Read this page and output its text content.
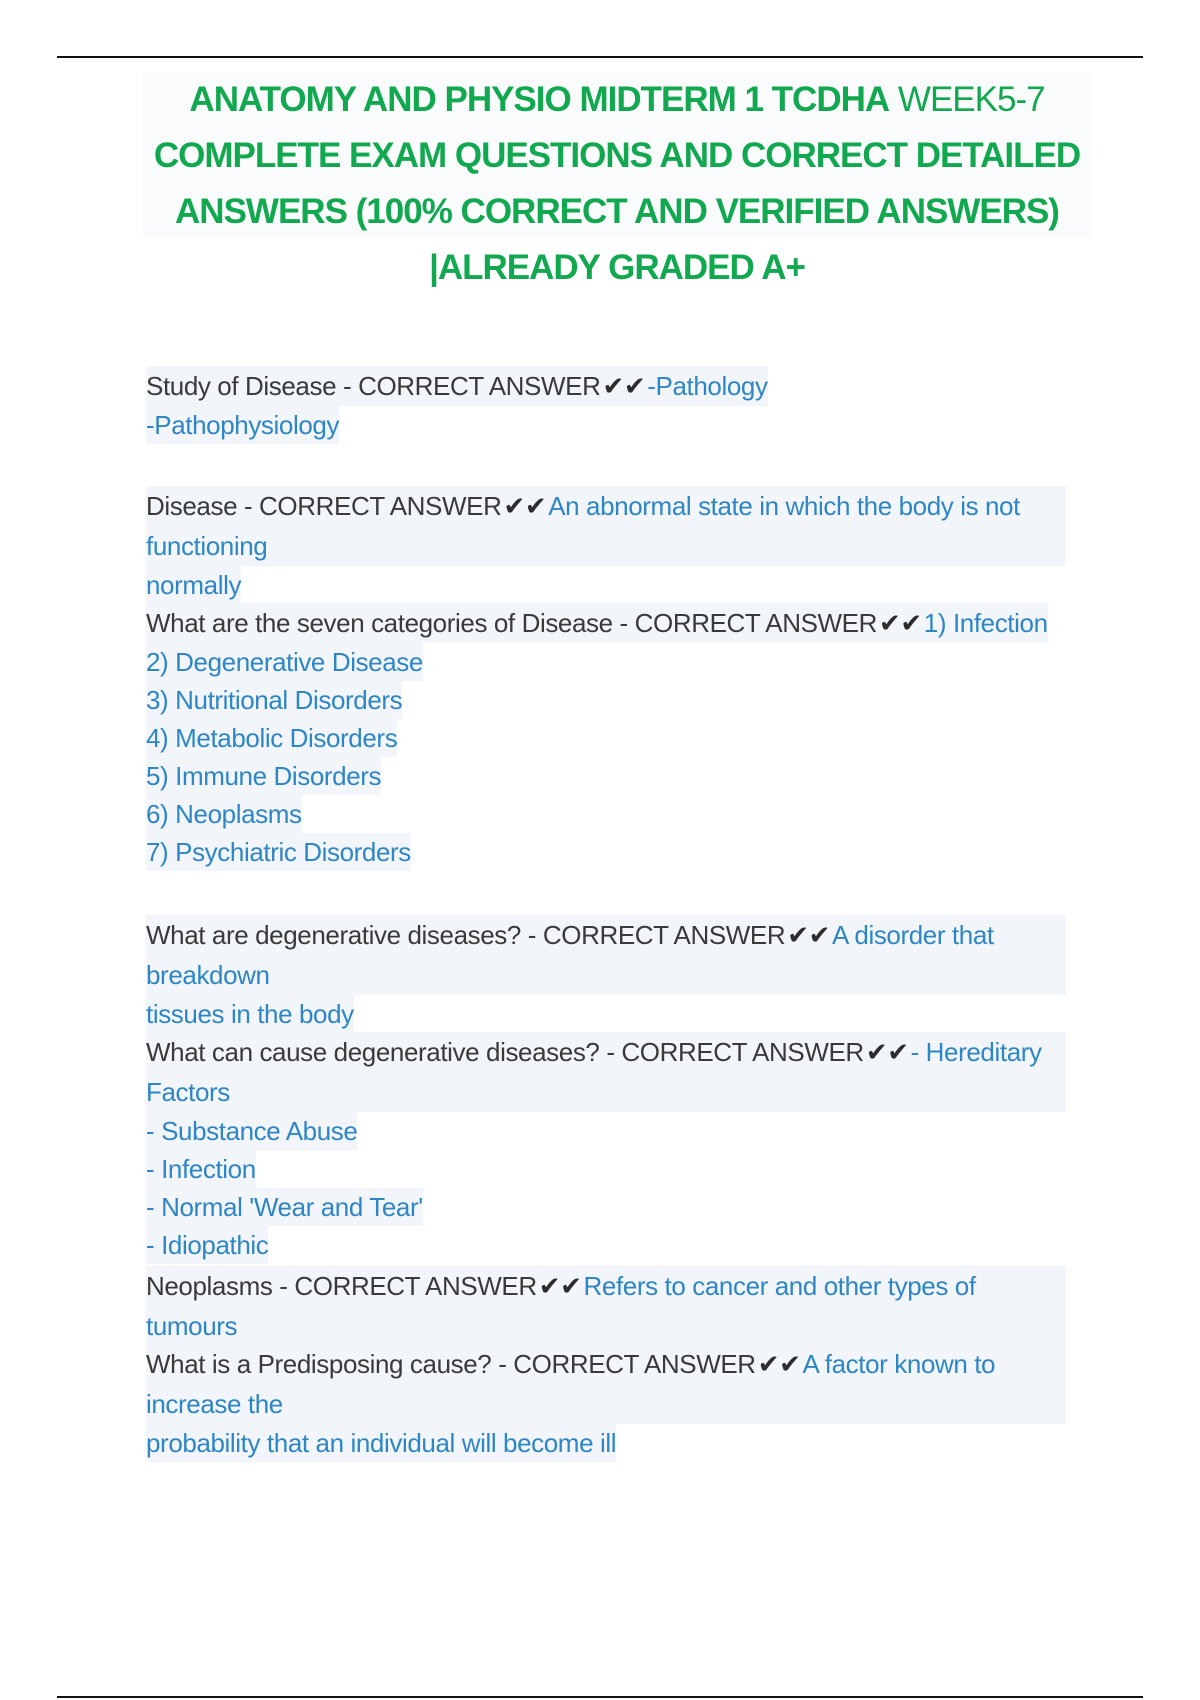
ANATOMY AND PHYSIO MIDTERM 1 TCDHA WEEK5-7 COMPLETE EXAM QUESTIONS AND CORRECT DETAILED ANSWERS (100% CORRECT AND VERIFIED ANSWERS) |ALREADY GRADED A+
Study of Disease - CORRECT ANSWER✔✔-Pathology
-Pathophysiology
Disease - CORRECT ANSWER✔✔An abnormal state in which the body is not functioning
normally
What are the seven categories of Disease - CORRECT ANSWER✔✔1) Infection
2) Degenerative Disease
3) Nutritional Disorders
4) Metabolic Disorders
5) Immune Disorders
6) Neoplasms
7) Psychiatric Disorders
What are degenerative diseases? - CORRECT ANSWER✔✔A disorder that breakdown
tissues in the body
What can cause degenerative diseases? - CORRECT ANSWER✔✔- Hereditary Factors
- Substance Abuse
- Infection
- Normal 'Wear and Tear'
- Idiopathic
Neoplasms - CORRECT ANSWER✔✔Refers to cancer and other types of tumours
What is a Predisposing cause? - CORRECT ANSWER✔✔A factor known to increase the
probability that an individual will become ill
